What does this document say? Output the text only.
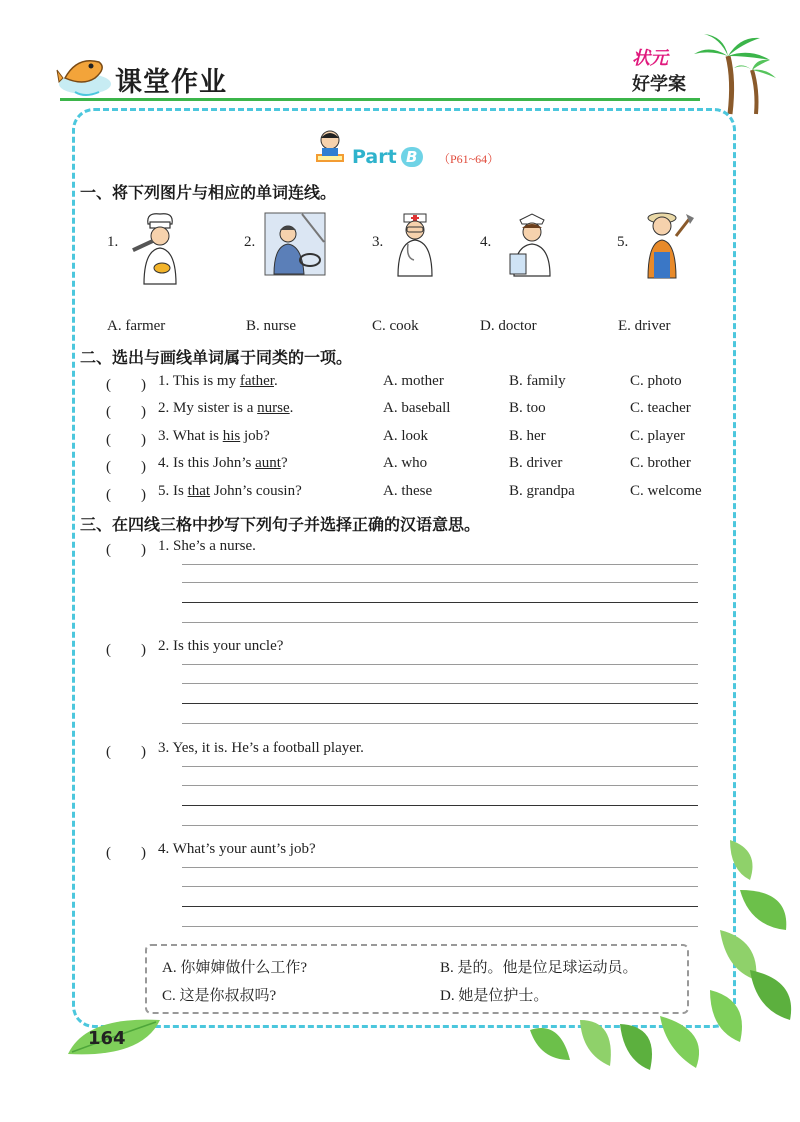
课堂作业
状元
好学案
Part B	（P61~64）
一、将下列图片与相应的单词连线。
1.	2.	3.	4.	5.
A. farmer	B. nurse	C. cook	D. doctor	E. driver
二、选出与画线单词属于同类的一项。
(　　) 1. This is my father.	A. mother	B. family	C. photo
(　　) 2. My sister is a nurse.	A. baseball	B. too	C. teacher
(　　) 3. What is his job?	A. look	B. her	C. player
(　　) 4. Is this John’s aunt?	A. who	B. driver	C. brother
(　　) 5. Is that John’s cousin?	A. these	B. grandpa	C. welcome
三、在四线三格中抄写下列句子并选择正确的汉语意思。
(　　) 1. She’s a nurse.
(　　) 2. Is this your uncle?
(　　) 3. Yes, it is. He’s a football player.
(　　) 4. What’s your aunt’s job?
A. 你婶婶做什么工作?	B. 是的。他是位足球运动员。
C. 这是你叔叔吗?	D. 她是位护士。
164
